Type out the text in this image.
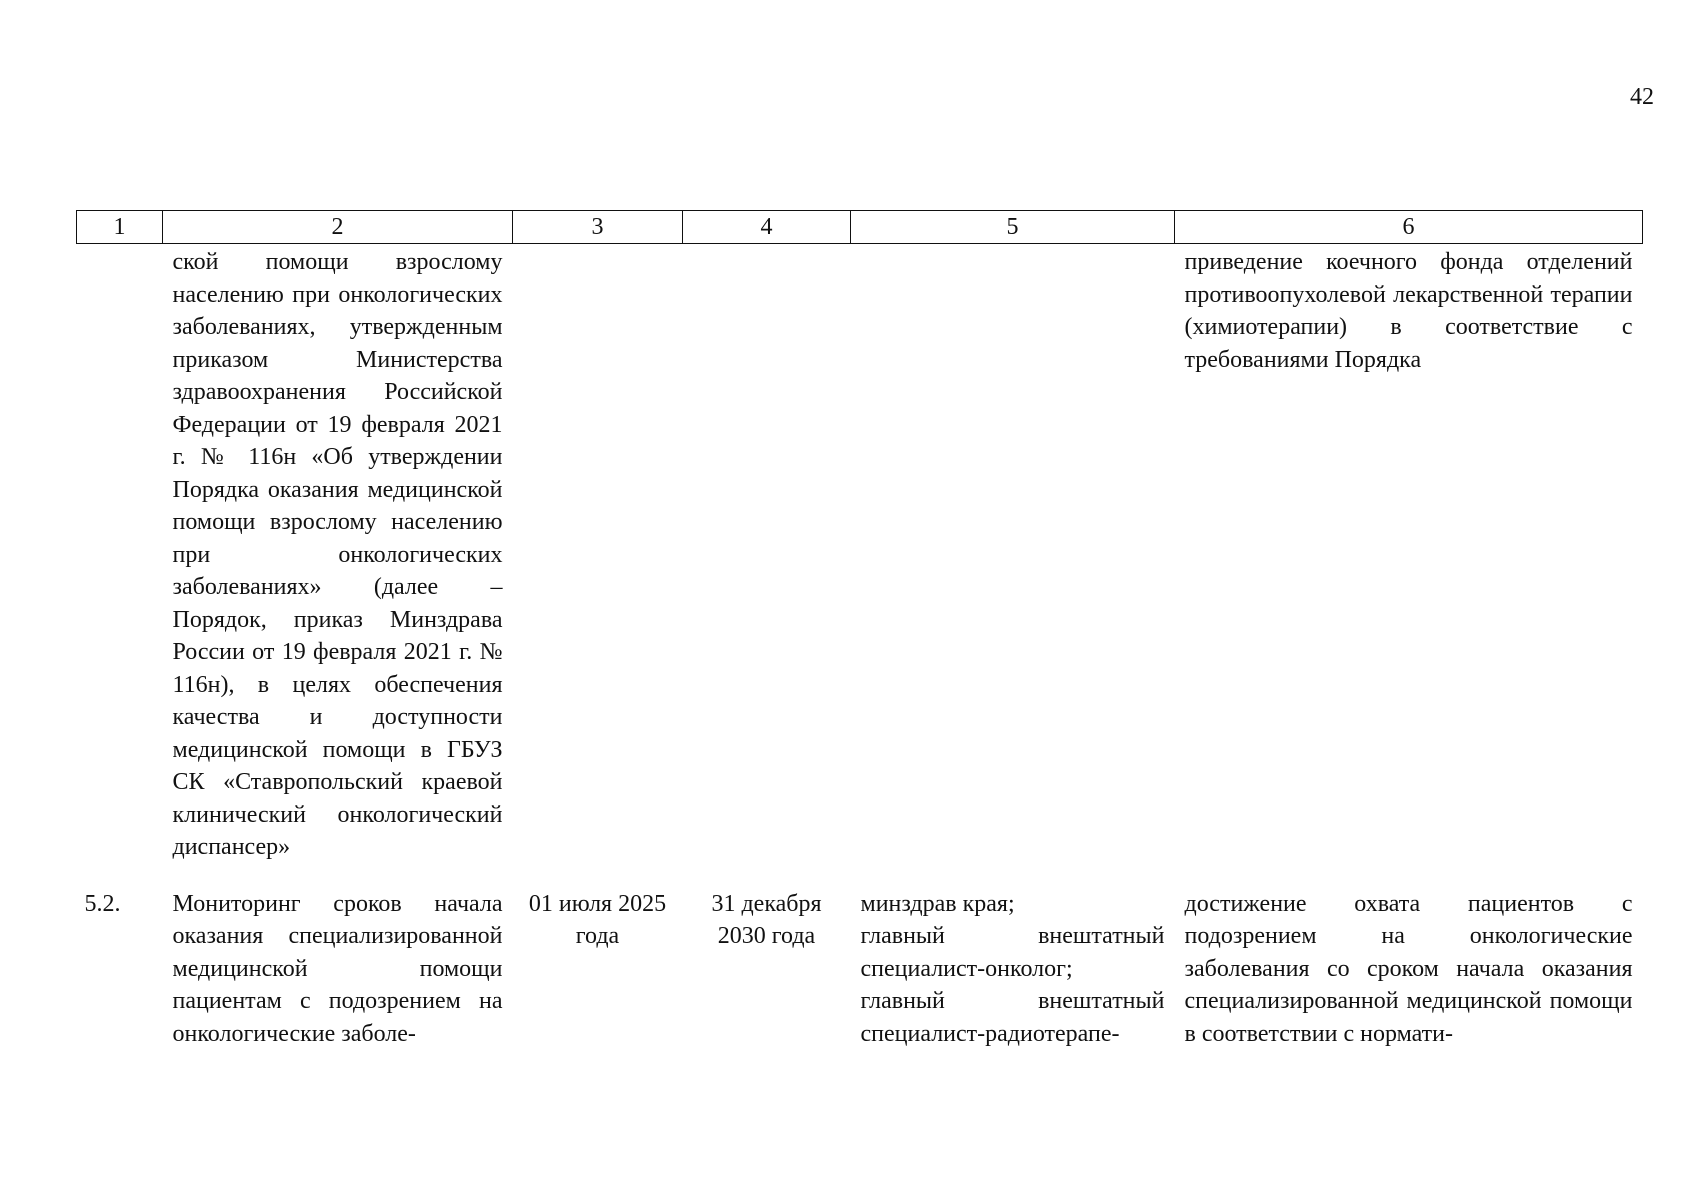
42
1	2	3	4	5	6
	ской помощи взрослому населению при онкологических заболеваниях, утвержденным приказом Министерства здравоохранения Российской Федерации от 19 февраля 2021 г. № 116н «Об утверждении Порядка оказания медицинской помощи взрослому населению при онкологических заболеваниях» (далее – Порядок, приказ Минздрава России от 19 февраля 2021 г. № 116н), в целях обеспечения качества и доступности медицинской помощи в ГБУЗ СК «Ставропольский краевой клинический онкологический диспансер»				приведение коечного фонда отделений противоопухолевой лекарственной терапии (химиотерапии) в соответствие с требованиями Порядка
5.2.	Мониторинг сроков начала оказания специализированной медицинской помощи пациентам с подозрением на онкологические заболе-	01 июля 2025 года	31 декабря 2030 года	минздрав края;
главный внештатный специалист-онколог;
главный внештатный специалист-радиотерапе-	достижение охвата пациентов с подозрением на онкологические заболевания со сроком начала оказания специализированной медицинской помощи в соответствии с нормати-
